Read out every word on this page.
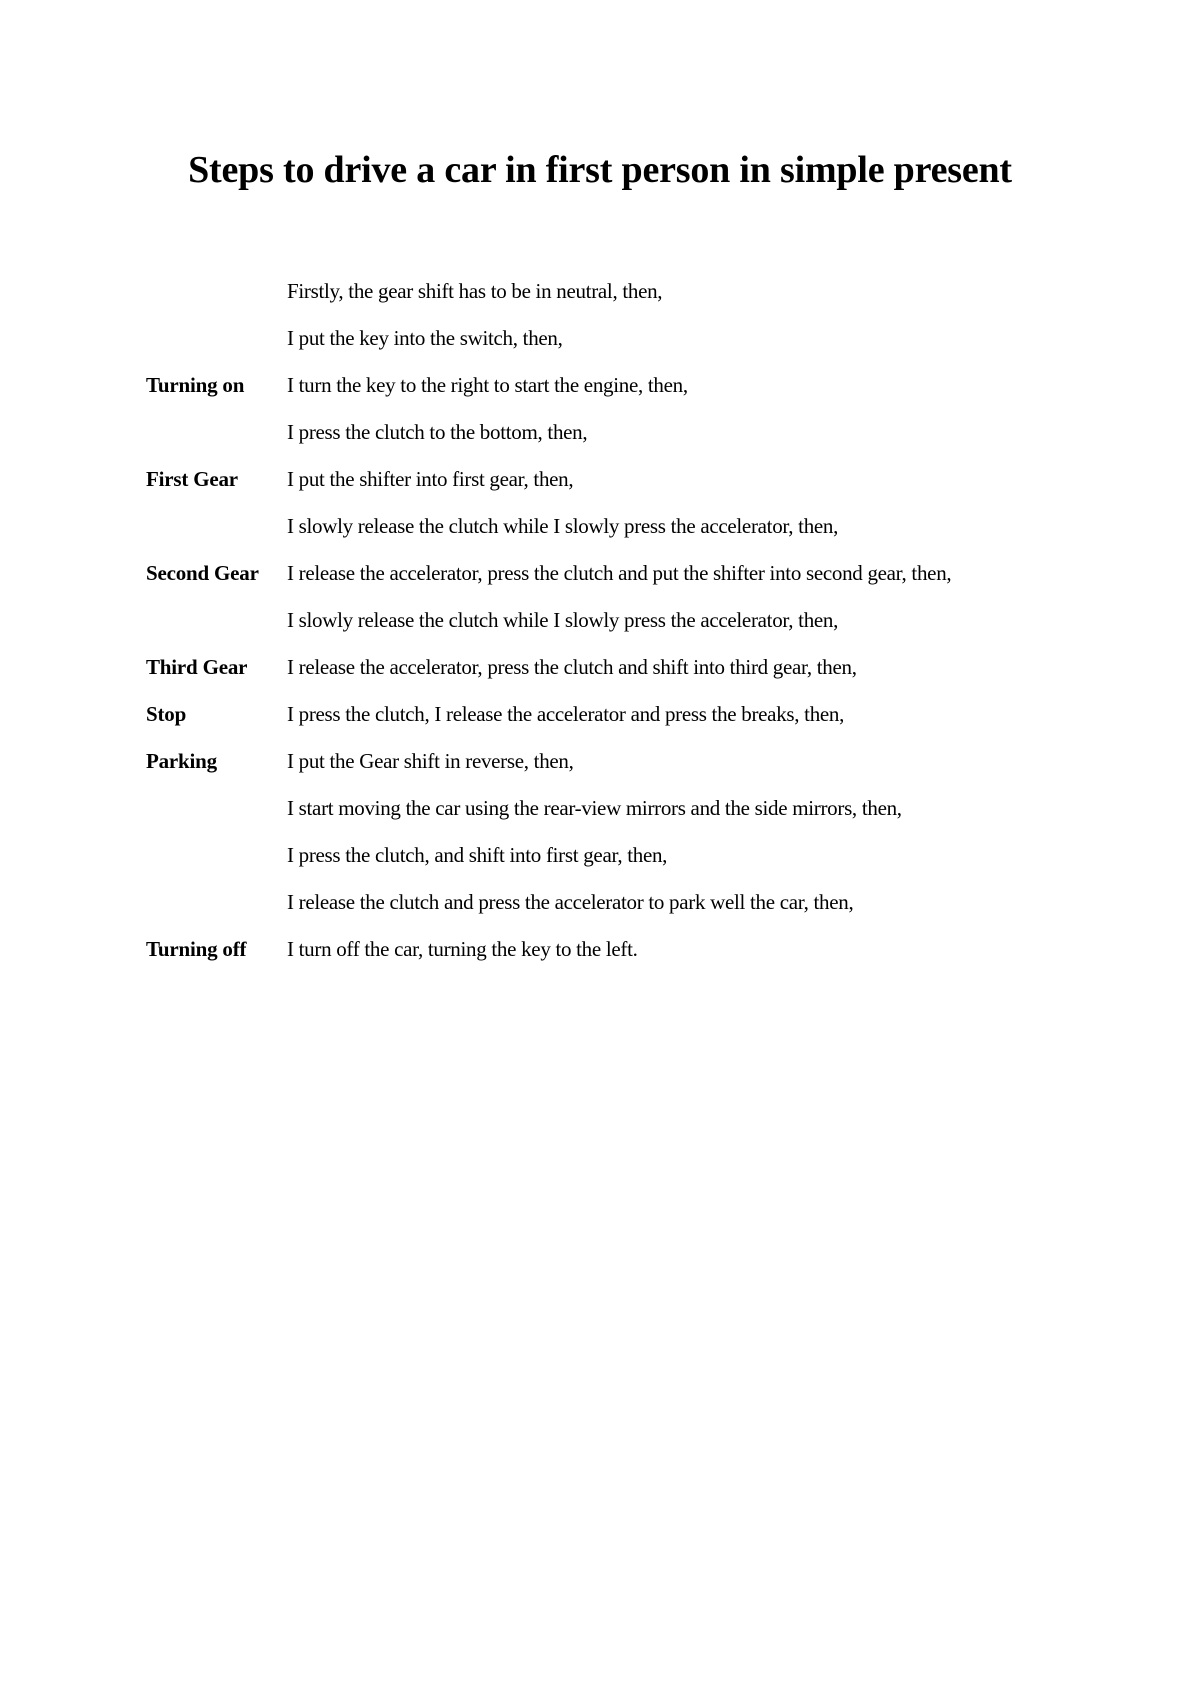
Steps to drive a car in first person in simple present
Firstly, the gear shift has to be in neutral, then,
I put the key into the switch, then,
Turning on	I turn the key to the right to start the engine, then,
I press the clutch to the bottom, then,
First Gear	I put the shifter into first gear, then,
I slowly release the clutch while I slowly press the accelerator, then,
Second Gear	I release the accelerator, press the clutch and put the shifter into second gear, then,
I slowly release the clutch while I slowly press the accelerator, then,
Third Gear	I release the accelerator, press the clutch and shift into third gear, then,
Stop	I press the clutch, I release the accelerator and press the breaks, then,
Parking	I put the Gear shift in reverse, then,
I start moving the car using the rear-view mirrors and the side mirrors, then,
I press the clutch, and shift into first gear, then,
I release the clutch and press the accelerator to park well the car, then,
Turning off	I turn off the car, turning the key to the left.
